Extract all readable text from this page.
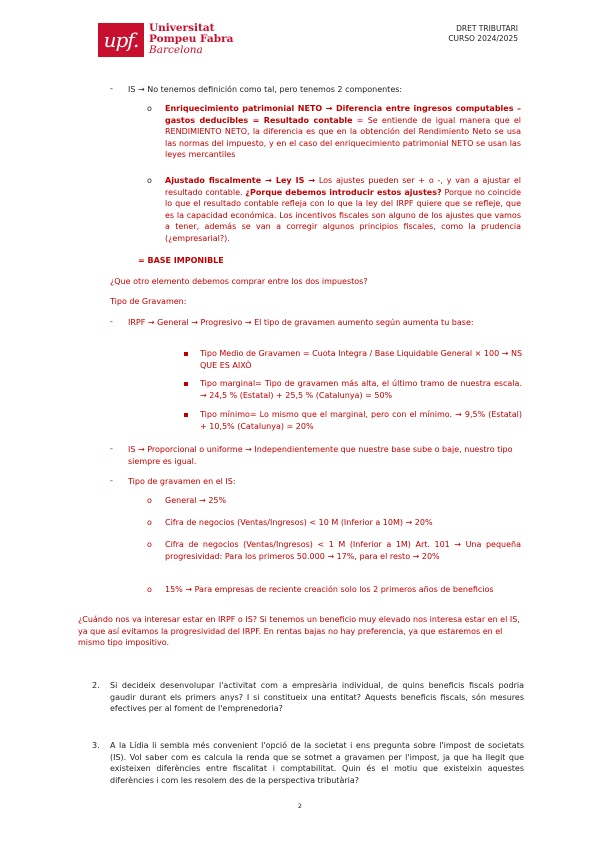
upf.	Universitat
Pompeu Fabra
Barcelona
DRET TRIBUTARI
CURSO 2024/2025
- IS → No tenemos definición como tal, pero tenemos 2 componentes:
o Enriquecimiento patrimonial NETO → Diferencia entre ingresos computables – gastos deducibles = Resultado contable = Se entiende de igual manera que el RENDIMIENTO NETO, la diferencia es que en la obtención del Rendimiento Neto se usa las normas del impuesto, y en el caso del enriquecimiento patrimonial NETO se usan las leyes mercantiles
o Ajustado fiscalmente → Ley IS → Los ajustes pueden ser + o -, y van a ajustar el resultado contable. ¿Porque debemos introducir estos ajustes? Porque no coincide lo que el resultado contable refleja con lo que la ley del IRPF quiere que se refleje, que es la capacidad económica. Los incentivos fiscales son alguno de los ajustes que vamos a tener, además se van a corregir algunos principios fiscales, como la prudencia (¿empresarial?).
= BASE IMPONIBLE
¿Que otro elemento debemos comprar entre los dos impuestos?
Tipo de Gravamen:
- IRPF → General → Progresivo → El tipo de gravamen aumento según aumenta tu base:
Tipo Medio de Gravamen = Cuota Integra / Base Liquidable General × 100 → NS QUE ES AIXÒ
Tipo marginal= Tipo de gravamen más alta, el último tramo de nuestra escala. → 24,5 % (Estatal) + 25,5 % (Catalunya) = 50%
Tipo mínimo= Lo mismo que el marginal, pero con el mínimo. → 9,5% (Estatal) + 10,5% (Catalunya) = 20%
- IS → Proporcional o uniforme → Independientemente que nuestre base sube o baje, nuestro tipo siempre es igual.
- Tipo de gravamen en el IS:
o General → 25%
o Cifra de negocios (Ventas/Ingresos) < 10 M (Inferior a 10M) → 20%
o Cifra de negocios (Ventas/Ingresos) < 1 M (Inferior a 1M) Art. 101 → Una pequeña progresividad: Para los primeros 50.000 → 17%, para el resto → 20%
o 15% → Para empresas de reciente creación solo los 2 primeros años de beneficios
¿Cuándo nos va interesar estar en IRPF o IS? Si tenemos un beneficio muy elevado nos interesa estar en el IS, ya que así evitamos la progresividad del IRPF. En rentas bajas no hay preferencia, ya que estaremos en el mismo tipo impositivo.
2. Si decideix desenvolupar l'activitat com a empresària individual, de quins beneficis fiscals podria gaudir durant els primers anys? I si constitueix una entitat? Aquests beneficis fiscals, són mesures efectives per al foment de l'emprenedoria?
3. A la Lídia li sembla més convenient l'opció de la societat i ens pregunta sobre l'impost de societats (IS). Vol saber com es calcula la renda que se sotmet a gravamen per l'impost, ja que ha llegit que existeixen diferències entre fiscalitat i comptabilitat. Quin és el motiu que existeixin aquestes diferències i com les resolem des de la perspectiva tributària?
2
